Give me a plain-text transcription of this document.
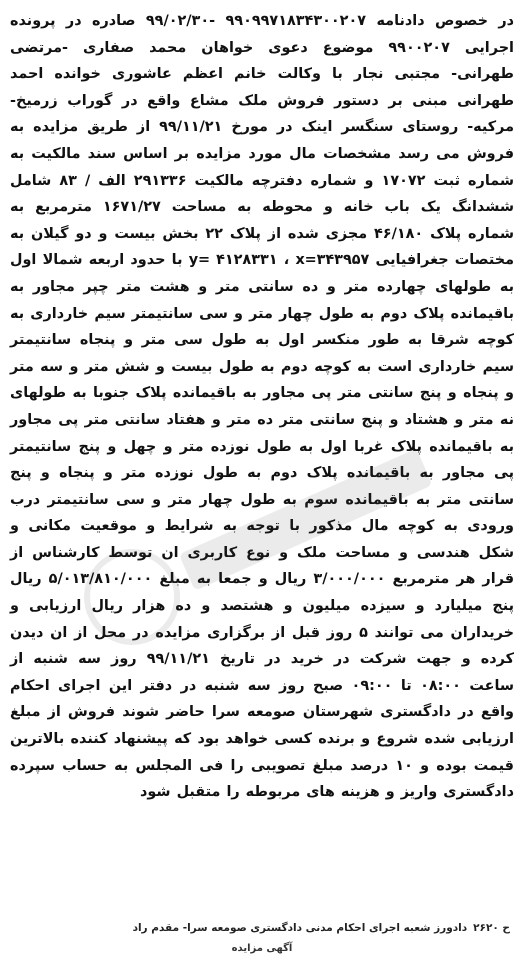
در خصوص دادنامه ۹۹۰۹۹۷۱۸۳۴۳۰۰۲۰۷ -۹۹/۰۲/۳۰ صادره در پرونده اجرایی ۹۹۰۰۲۰۷ موضوع دعوی خواهان محمد صفاری -مرتضی طهرانی- مجتبی نجار با وکالت خانم اعظم عاشوری خوانده احمد طهرانی مبنی بر دستور فروش ملک مشاع واقع در گوراب زرمیخ- مرکیه- روستای سنگسر اینک در مورخ ۹۹/۱۱/۲۱ از طریق مزایده به فروش می رسد مشخصات مال مورد مزایده بر اساس سند مالکیت به شماره ثبت ۱۷۰۷۲ و شماره دفترچه مالکیت ۲۹۱۳۳۶ الف / ۸۳ شامل ششدانگ یک باب خانه و محوطه به مساحت ۱۶۷۱/۲۷ مترمربع به شماره پلاک ۴۶/۱۸۰ مجزی شده از پلاک ۲۲ بخش بیست و دو گیلان به مختصات جغرافیایی y= ۴۱۲۸۳۳۱ ، x=۳۴۳۹۵۷ با حدود اربعه شمالا اول به طولهای چهارده متر و ده سانتی متر و هشت متر چپر مجاور به باقیمانده پلاک دوم به طول چهار متر و سی سانتیمتر سیم خارداری به کوچه شرقا به طور منکسر اول به طول سی متر و پنجاه سانتیمتر سیم خارداری است به کوچه دوم به طول بیست و شش متر و سه متر و پنجاه و پنج سانتی متر پی مجاور به باقیمانده پلاک جنوبا به طولهای نه متر و هشتاد و پنج سانتی متر ده متر و هفتاد سانتی متر پی مجاور به باقیمانده پلاک غربا اول به طول نوزده متر و چهل و پنج سانتیمتر پی مجاور به باقیمانده پلاک دوم به طول نوزده متر و پنجاه و پنج سانتی متر به باقیمانده سوم به طول چهار متر و سی سانتیمتر درب ورودی به کوچه مال مذکور با توجه به شرایط و موقعیت مکانی و شکل هندسی و مساحت ملک و نوع کاربری ان توسط کارشناس از قرار هر مترمربع ۳/۰۰۰/۰۰۰ ریال و جمعا به مبلغ ۵/۰۱۳/۸۱۰/۰۰۰ ریال پنج میلیارد و سیزده میلیون و هشتصد و ده هزار ریال ارزیابی و خریداران می توانند ۵ روز قبل از برگزاری مزایده در محل از ان دیدن کرده و جهت شرکت در خرید در تاریخ ۹۹/۱۱/۲۱ روز سه شنبه از ساعت ۰۸:۰۰ تا ۰۹:۰۰ صبح روز سه شنبه در دفتر این اجرای احکام واقع در دادگستری شهرستان صومعه سرا حاضر شوند فروش از مبلغ ارزیابی شده شروع و برنده کسی خواهد بود که پیشنهاد کننده بالاترین قیمت بوده و ۱۰ درصد مبلغ تصویبی را فی المجلس به حساب سپرده دادگستری واریز و هزینه های مربوطه را متقبل شود

ح ۲۶۲۰
دادورز شعبه اجرای احکام مدنی دادگستری صومعه سرا- مقدم راد
آگهی مزایده
